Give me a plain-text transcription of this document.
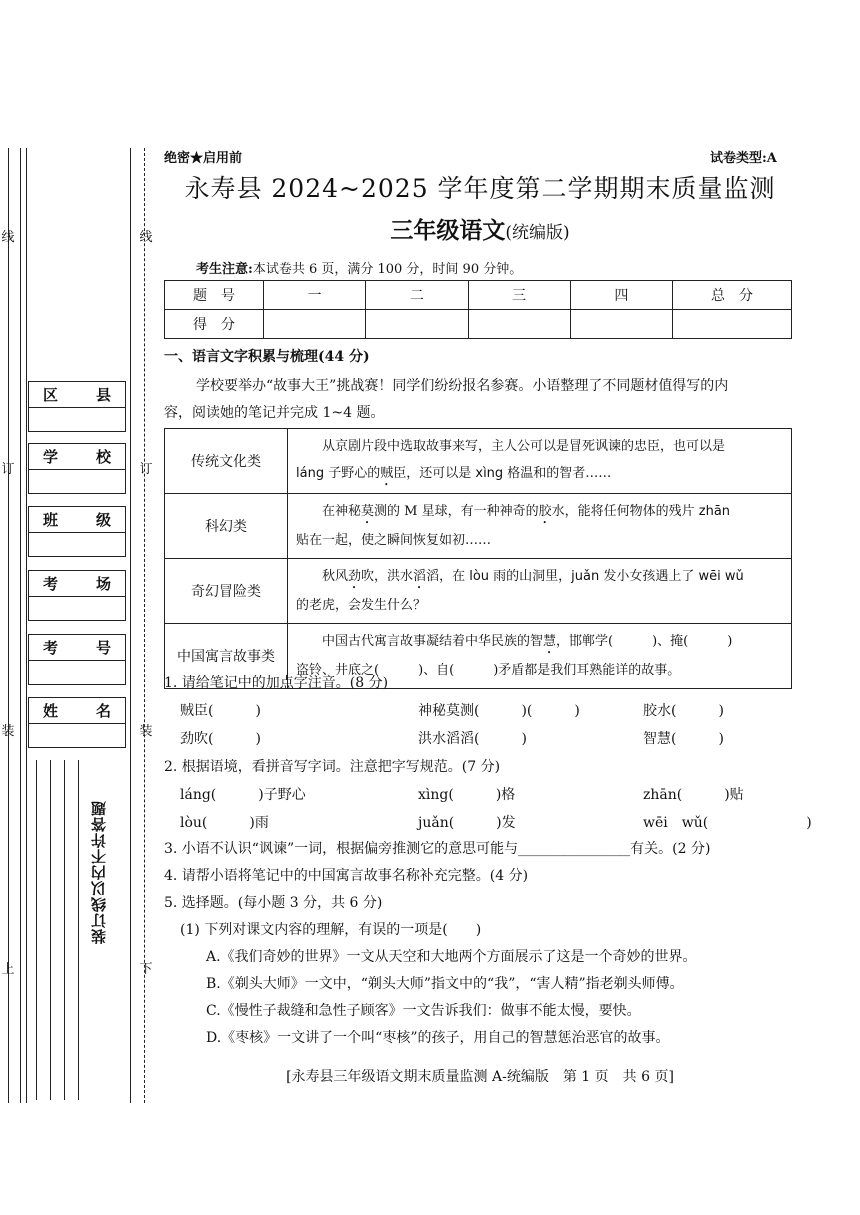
线
订
装
上
线
订
装
下
区	县
学	校
班	级
考	场
考	号
姓	名
装订线以内不许答题
绝密★启用前	试卷类型:A
永寿县 2024~2025 学年度第二学期期末质量监测
三年级语文(统编版)
考生注意:本试卷共 6 页，满分 100 分，时间 90 分钟。
题　号	一	二	三	四	总　分
得　分					
一、语言文字积累与梳理(44 分)
学校要举办“故事大王”挑战赛！同学们纷纷报名参赛。小语整理了不同题材值得写的内
容，阅读她的笔记并完成 1~4 题。
传统文化类	从京剧片段中选取故事来写，主人公可以是冒死讽谏的忠臣，也可以是
láng 子野心的贼臣，还可以是 xìng 格温和的智者……

科幻类	在神秘莫测的 M 星球，有一种神奇的胶水，能将任何物体的残片 zhān
贴在一起，使之瞬间恢复如初……

奇幻冒险类	秋风劲吹，洪水滔滔，在 lòu 雨的山洞里，juǎn 发小女孩遇上了 wēi wǔ
的老虎，会发生什么？

中国寓言故事类	中国古代寓言故事凝结着中华民族的智慧，邯郸学(　　　)、掩(　　　)
盗铃、井底之(　　　)、自(　　　)矛盾都是我们耳熟能详的故事。
1. 请给笔记中的加点字注音。(8 分)
贼臣(　　　)	神秘莫测(　　　)(　　　)	胶水(　　　)
劲吹(　　　)	洪水滔滔(　　　)	智慧(　　　)
2. 根据语境，看拼音写字词。注意把字写规范。(7 分)
láng(　　　)子野心	xìng(　　　)格	zhān(　　　)贴
lòu(　　　)雨	juǎn(　　　)发	wēi　wǔ(　　　　　　　)
3. 小语不认识“讽谏”一词，根据偏旁推测它的意思可能与________________有关。(2 分)
4. 请帮小语将笔记中的中国寓言故事名称补充完整。(4 分)
5. 选择题。(每小题 3 分，共 6 分)
(1) 下列对课文内容的理解，有误的一项是(　　)
A.《我们奇妙的世界》一文从天空和大地两个方面展示了这是一个奇妙的世界。
B.《剃头大师》一文中，“剃头大师”指文中的“我”，“害人精”指老剃头师傅。
C.《慢性子裁缝和急性子顾客》一文告诉我们：做事不能太慢，要快。
D.《枣核》一文讲了一个叫“枣核”的孩子，用自己的智慧惩治恶官的故事。
[永寿县三年级语文期末质量监测 A-统编版　第 1 页　共 6 页]
